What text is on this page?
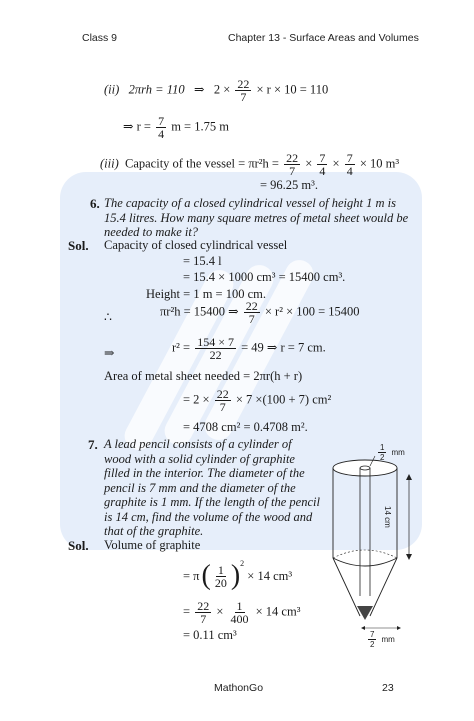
Class 9	Chapter 13 - Surface Areas and Volumes
(ii) 2πrh = 110 ⇒ $2 \times \frac{22}{7} \times r \times 10 = 110$
⇒ $r = \frac{7}{4}$ m = 1.75 m
(iii) Capacity of the vessel = $\pi r^2h = \frac{22}{7} \times \frac{7}{4} \times \frac{7}{4} \times 10$ m³
= 96.25 m³.
6. The capacity of a closed cylindrical vessel of height 1 m is 15.4 litres. How many square metres of metal sheet would be needed to make it?
Sol. Capacity of closed cylindrical vessel
= 15.4 l
= 15.4 × 1000 cm³ = 15400 cm³.
Height = 1 m = 100 cm.
∴	πr²h = 15400 ⇒ $\frac{22}{7} \times r^2 \times 100 = 15400$
⇒	$r^2 = \frac{154 \times 7}{22} = 49$ ⇒ r = 7 cm.
Area of metal sheet needed = 2πr(h + r)
= $2 \times \frac{22}{7} \times 7 \times(100 + 7)$ cm²
= 4708 cm² = 0.4708 m².
7. A lead pencil consists of a cylinder of wood with a solid cylinder of graphite filled in the interior. The diameter of the pencil is 7 mm and the diameter of the graphite is 1 mm. If the length of the pencil is 14 cm, find the volume of the wood and that of the graphite.
Sol. Volume of graphite
= π ( $\frac{1}{20} )^2$

× 14 cm³
= $\frac{22}{7} \times \frac{1}{400} \times 14$ cm³
= 0.11 cm³
$\frac{1}{2}$ mm
14 cm
$\frac{7}{2}$ mm
MathonGo	23
